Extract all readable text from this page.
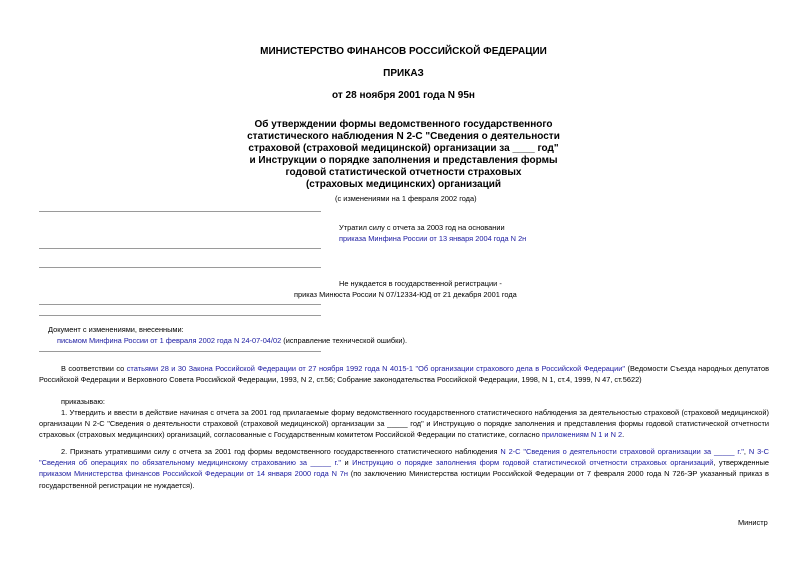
МИНИСТЕРСТВО ФИНАНСОВ РОССИЙСКОЙ ФЕДЕРАЦИИ
ПРИКАЗ
от 28 ноября 2001 года N 95н
Об утверждении формы ведомственного государственного
статистического наблюдения N 2-С "Сведения о деятельности
страховой (страховой медицинской) организации за ____ год"
и Инструкции о порядке заполнения и представления формы
годовой статистической отчетности страховых
(страховых медицинских) организаций
(с изменениями на 1 февраля 2002 года)
Утратил силу с отчета за 2003 год на основании
приказа Минфина России от 13 января 2004 года N 2н
Не нуждается в государственной регистрации -
приказ Минюста России N 07/12334-ЮД от 21 декабря 2001 года
Документ с изменениями, внесенными:
письмом Минфина России от 1 февраля 2002 года N 24-07-04/02 (исправление технической ошибки).
В соответствии со статьями 28 и 30 Закона Российской Федерации от 27 ноября 1992 года N 4015-1 "Об организации страхового дела в Российской Федерации" (Ведомости Съезда народных депутатов Российской Федерации и Верховного Совета Российской Федерации, 1993, N 2, ст.56; Собрание законодательства Российской Федерации, 1998, N 1, ст.4, 1999, N 47, ст.5622)
приказываю:
1. Утвердить и ввести в действие начиная с отчета за 2001 год прилагаемые форму ведомственного государственного статистического наблюдения за деятельностью страховой (страховой медицинской) организации N 2-С "Сведения о деятельности страховой (страховой медицинской) организации за _____ год" и Инструкцию о порядке заполнения и представления формы годовой статистической отчетности страховых (страховых медицинских) организаций, согласованные с Государственным комитетом Российской Федерации по статистике, согласно приложениям N 1 и N 2.
2. Признать утратившими силу с отчета за 2001 год формы ведомственного государственного статистического наблюдения N 2-С "Сведения о деятельности страховой организации за _____ г.", N 3-С "Сведения об операциях по обязательному медицинскому страхованию за _____ г." и Инструкцию о порядке заполнения форм годовой статистической отчетности страховых организаций, утвержденные приказом Министерства финансов Российской Федерации от 14 января 2000 года N 7н (по заключению Министерства юстиции Российской Федерации от 7 февраля 2000 года N 726-ЭР указанный приказ в государственной регистрации не нуждается).
Министр
